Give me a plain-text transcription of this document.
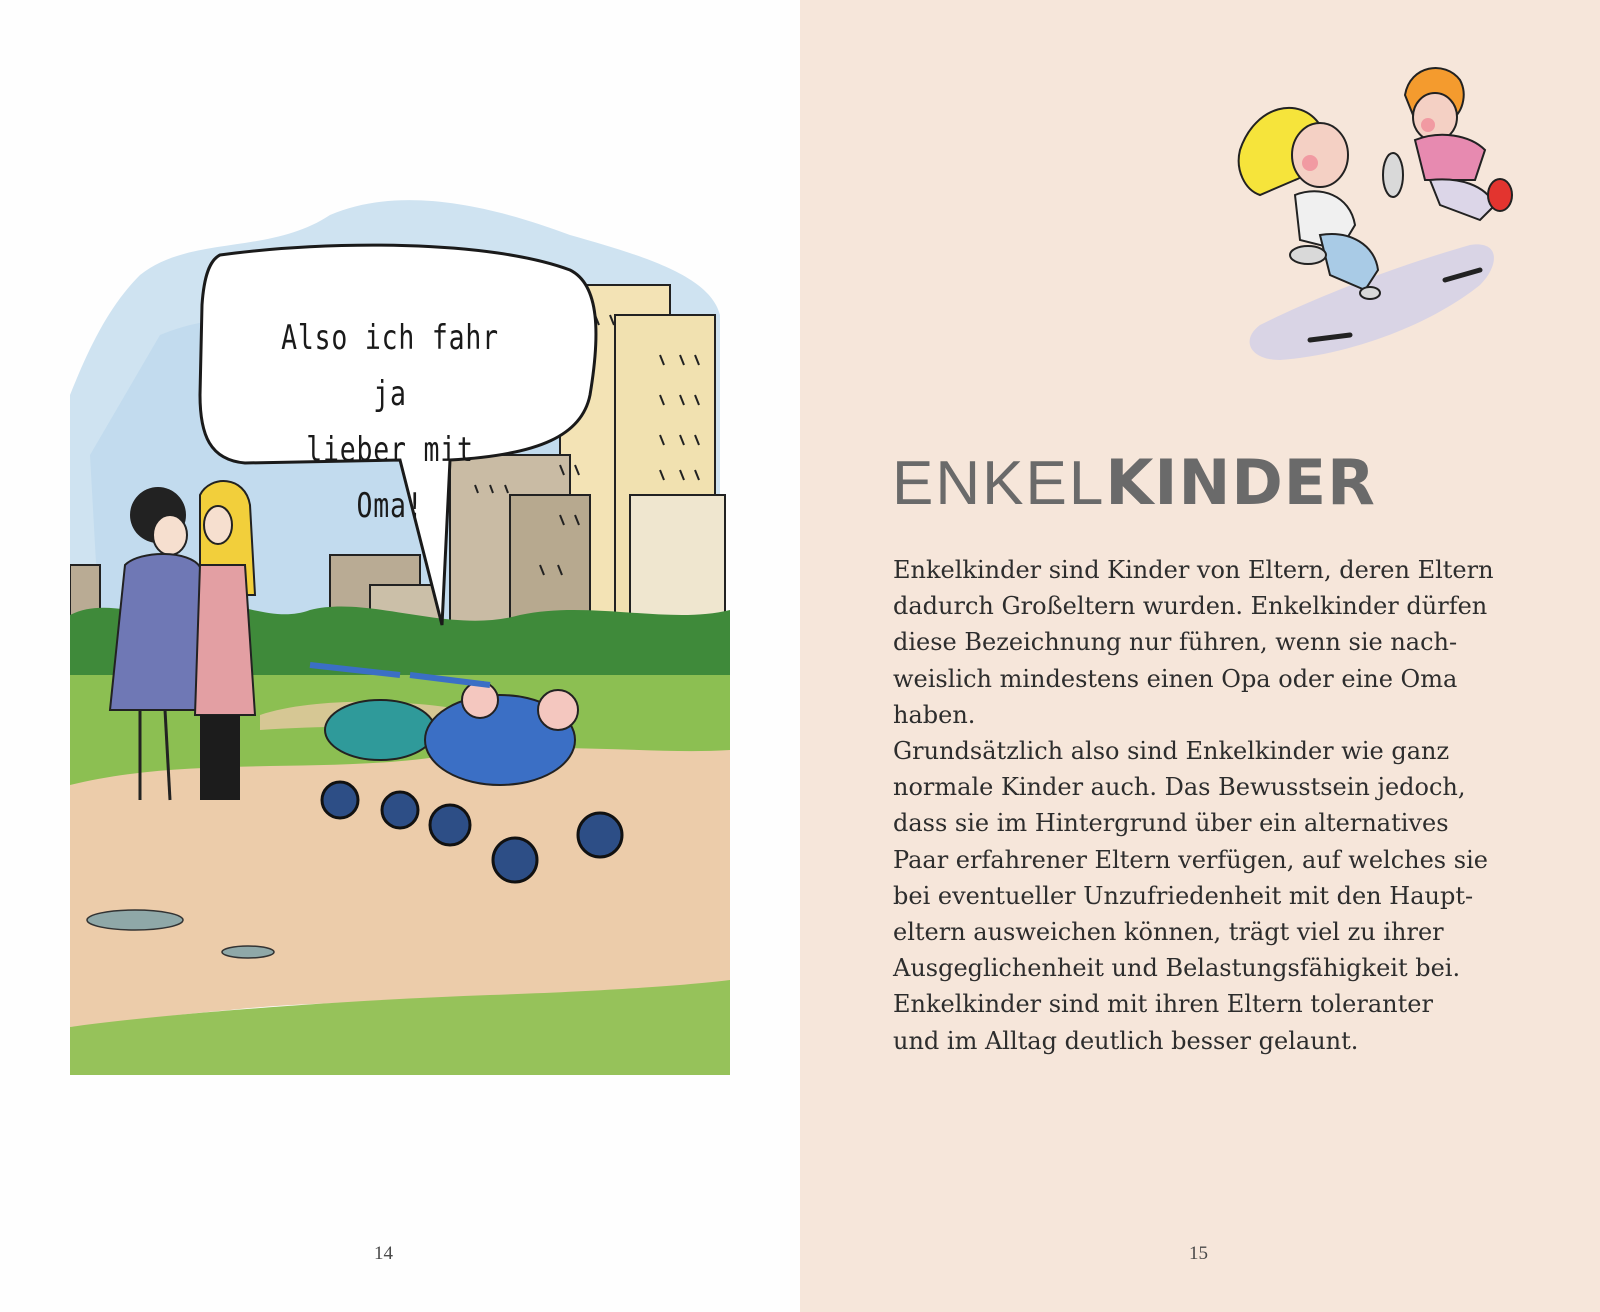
Also ich fahr ja
lieber mit Oma!
14
ENKELKINDER

Enkelkinder sind Kinder von Eltern, deren Eltern

dadurch Großeltern wurden. Enkelkinder dürfen

diese Bezeichnung nur führen, wenn sie nach-

weislich mindestens einen Opa oder eine Oma

haben.

Grundsätzlich also sind Enkelkinder wie ganz

normale Kinder auch. Das Bewusstsein jedoch,

dass sie im Hintergrund über ein alternatives

Paar erfahrener Eltern verfügen, auf welches sie

bei eventueller Unzufriedenheit mit den Haupt-

eltern ausweichen können, trägt viel zu ihrer

Ausgeglichenheit und Belastungsfähigkeit bei.

Enkelkinder sind mit ihren Eltern toleranter

und im Alltag deutlich besser gelaunt.

15
